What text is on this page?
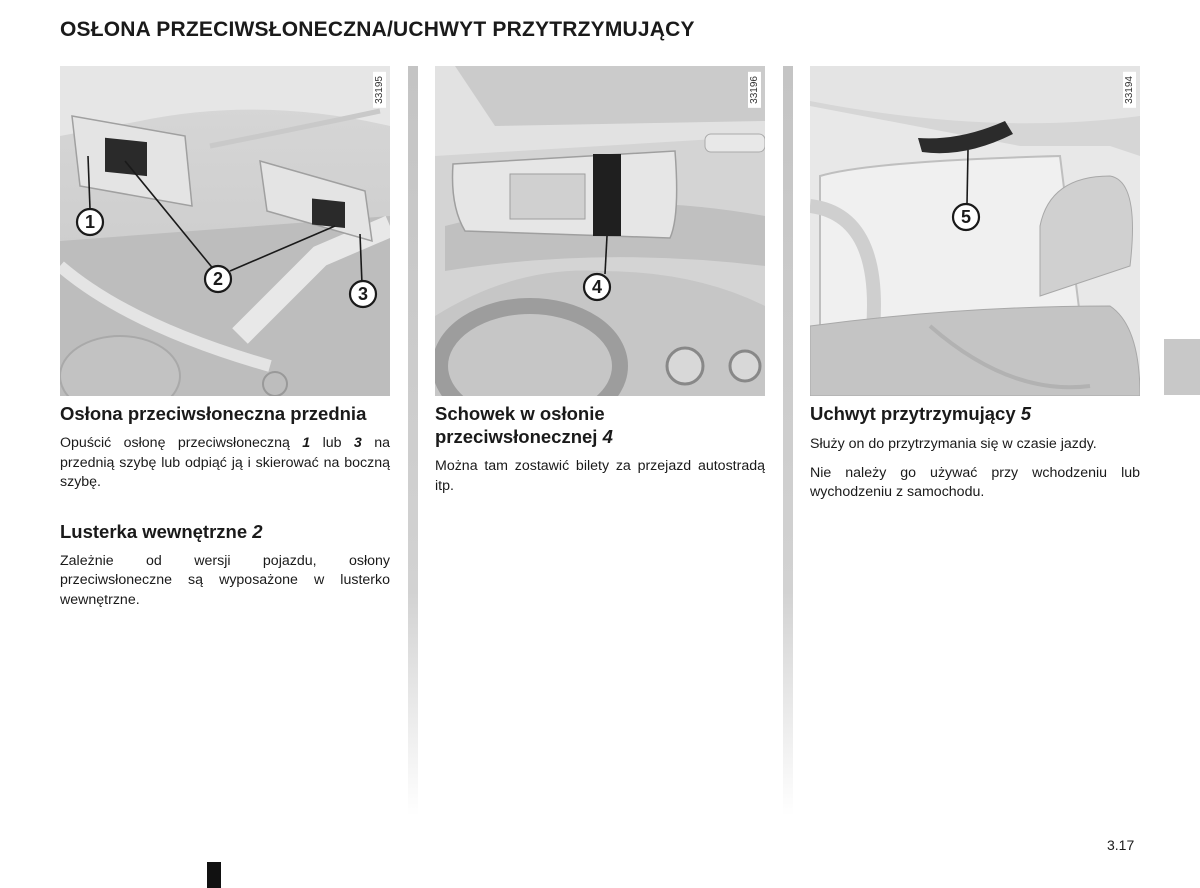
OSŁONA PRZECIWSŁONECZNA/UCHWYT PRZYTRZYMUJĄCY
1
2
3
33195
Osłona przeciwsłoneczna przednia

Opuścić osłonę przeciwsłoneczną 1 lub 3 na przednią szybę lub odpiąć ją i skierować na boczną szybę.

Lusterka wewnętrzne 2

Zależnie od wersji pojazdu, osłony przeciwsłoneczne są wyposażone w lusterko wewnętrzne.

4
33196
Schowek w osłonie przeciwsłonecznej 4

Można tam zostawić bilety za przejazd autostradą itp.

5
33194
Uchwyt przytrzymujący 5

Służy on do przytrzymania się w czasie jazdy.

Nie należy go używać przy wchodzeniu lub wychodzeniu z samochodu.

3.17
